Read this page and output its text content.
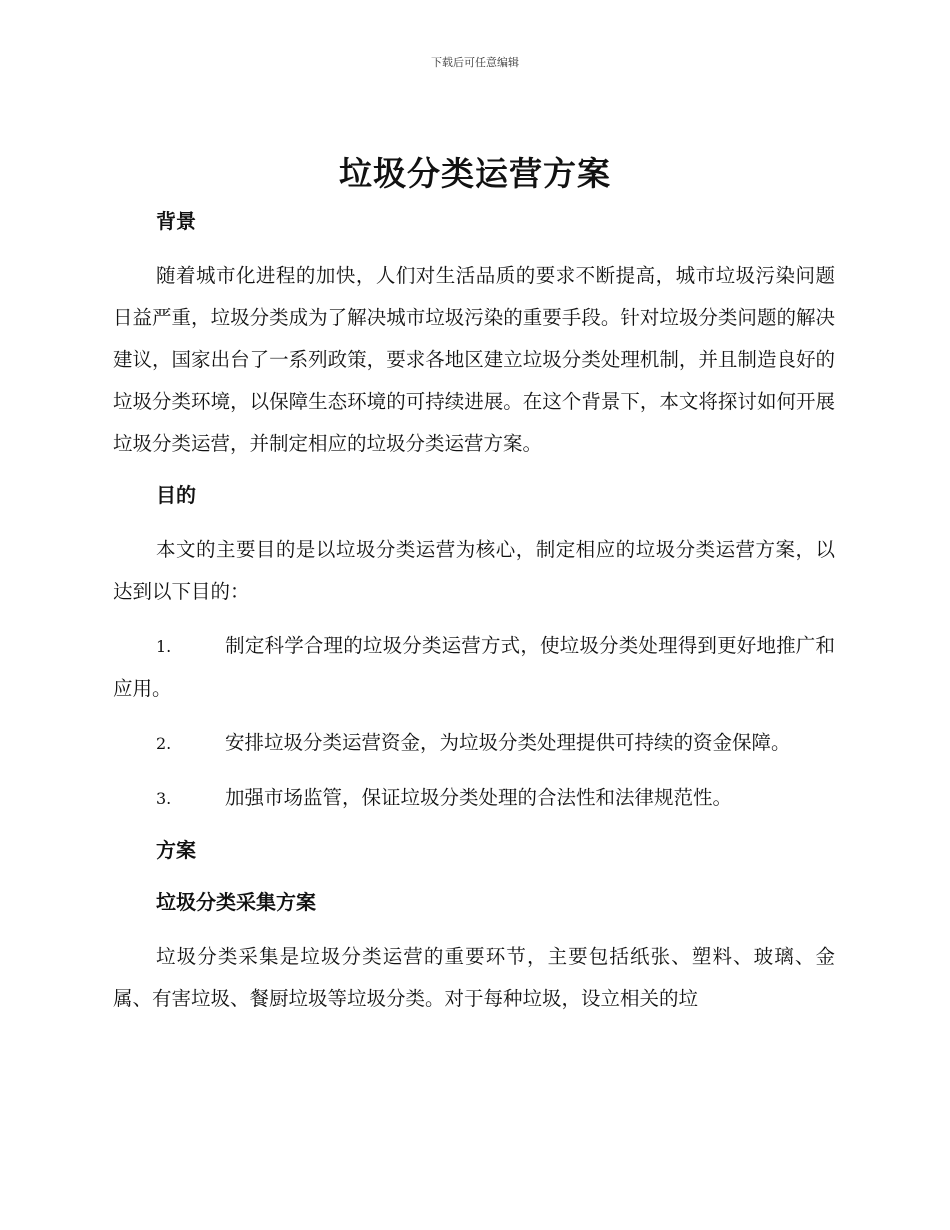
下载后可任意编辑
垃圾分类运营方案
背景

随着城市化进程的加快，人们对生活品质的要求不断提高，城市垃圾污染问题日益严重，垃圾分类成为了解决城市垃圾污染的重要手段。针对垃圾分类问题的解决建议，国家出台了一系列政策，要求各地区建立垃圾分类处理机制，并且制造良好的垃圾分类环境，以保障生态环境的可持续进展。在这个背景下，本文将探讨如何开展垃圾分类运营，并制定相应的垃圾分类运营方案。

目的

本文的主要目的是以垃圾分类运营为核心，制定相应的垃圾分类运营方案，以达到以下目的：

1.	制定科学合理的垃圾分类运营方式，使垃圾分类处理得到更好地推广和应用。

2.	安排垃圾分类运营资金，为垃圾分类处理提供可持续的资金保障。

3.	加强市场监管，保证垃圾分类处理的合法性和法律规范性。

方案
垃圾分类采集方案

垃圾分类采集是垃圾分类运营的重要环节，主要包括纸张、塑料、玻璃、金属、有害垃圾、餐厨垃圾等垃圾分类。对于每种垃圾，设立相关的垃
